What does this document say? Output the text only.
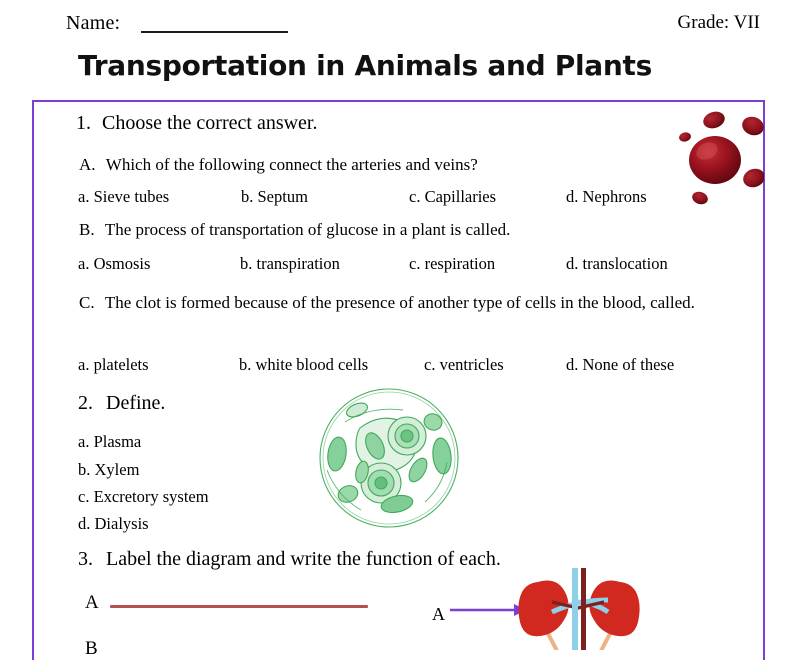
Name:	Grade: VII
Transportation in Animals and Plants
1. Choose the correct answer.
A. Which of the following connect the arteries and veins?
a. Sieve tubes	b. Septum	c. Capillaries	d. Nephrons
B. The process of transportation of glucose in a plant is called.
a. Osmosis	b. transpiration	c. respiration	d. translocation
C. The clot is formed because of the presence of another type of cells in the blood, called.
a. platelets	b. white blood cells	c. ventricles	d. None of these
2. Define.
a. Plasma
b. Xylem
c. Excretory system
d. Dialysis
3. Label the diagram and write the function of each.
A
B
A
